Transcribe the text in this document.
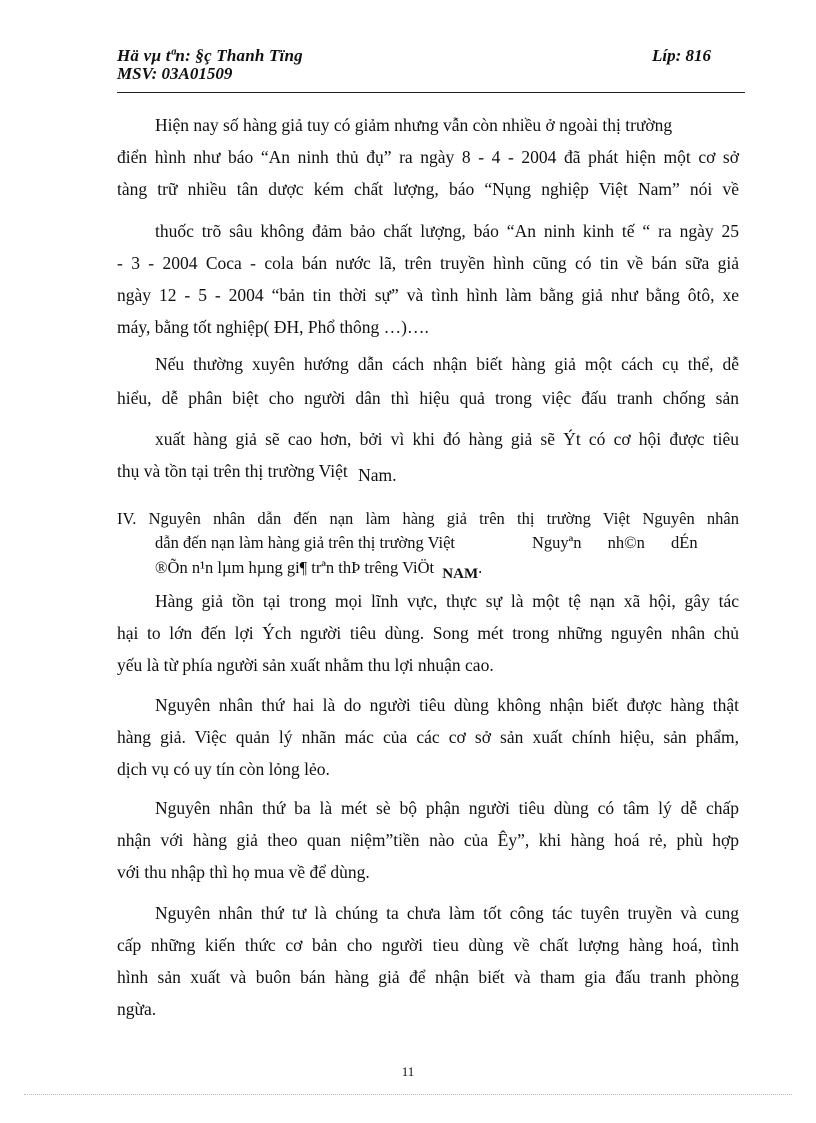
Hä vµ tªn: §ç Thanh Tïng
MSV: 03A01509
Líp: 816
Hiện nay số hàng giả tuy có giảm nhưng vẫn còn nhiều ở ngoài thị trường
điển hình như báo “An ninh thủ đụ” ra ngày 8 - 4 - 2004 đã phát hiện một cơ sở
tàng trữ nhiều tân dược kém chất lượng, báo “Nụng nghiệp Việt Nam” nói về
thuốc trõ sâu không đảm bảo chất lượng, báo “An ninh kinh tế “ ra ngày 25
- 3 - 2004 Coca - cola bán nước lã, trên truyền hình cũng có tin về bán sữa giả
ngày 12 - 5 - 2004 “bản tin thời sự” và tình hình làm bằng giả như bằng ôtô, xe
máy, bằng tốt nghiệp( ĐH, Phổ thông …)….
Nếu thường xuyên hướng dẫn cách nhận biết hàng giả một cách cụ thể, dễ
hiểu, dễ phân biệt cho người dân thì hiệu quả trong việc đấu tranh chống sản
xuất hàng giả sẽ cao hơn, bởi vì khi đó hàng giả sẽ Ýt có cơ hội được tiêu
thụ và tồn tại trên thị trường Việt Nam.
IV. Nguyên nhân dẫn đến nạn làm hàng giả trên thị trường Việt Nguyên nhân
dẫn đến nạn làm hàng giả trên thị trường Việt	Nguyªn nh©n dÉn
®Õn n¹n lµm hµng gi¶ trªn thÞ trêng ViÖt NAM.
Hàng giả tồn tại trong mọi lĩnh vực, thực sự là một tệ nạn xã hội, gây tác
hại to lớn đến lợi Ých người tiêu dùng. Song mét trong những nguyên nhân chủ
yếu là từ phía người sản xuất nhằm thu lợi nhuận cao.
Nguyên nhân thứ hai là do người tiêu dùng không nhận biết được hàng thật
hàng giả. Việc quản lý nhãn mác của các cơ sở sản xuất chính hiệu, sản phẩm,
dịch vụ có uy tín còn lỏng lẻo.
Nguyên nhân thứ ba là mét sè bộ phận người tiêu dùng có tâm lý dễ chấp
nhận với hàng giả theo quan niệm”tiền nào của Êy”, khi hàng hoá rẻ, phù hợp
với thu nhập thì họ mua về để dùng.
Nguyên nhân thứ tư là chúng ta chưa làm tốt công tác tuyên truyền và cung
cấp những kiến thức cơ bản cho người tieu dùng về chất lượng hàng hoá, tình
hình sản xuất và buôn bán hàng giả để nhận biết và tham gia đấu tranh phòng
ngừa.
11
